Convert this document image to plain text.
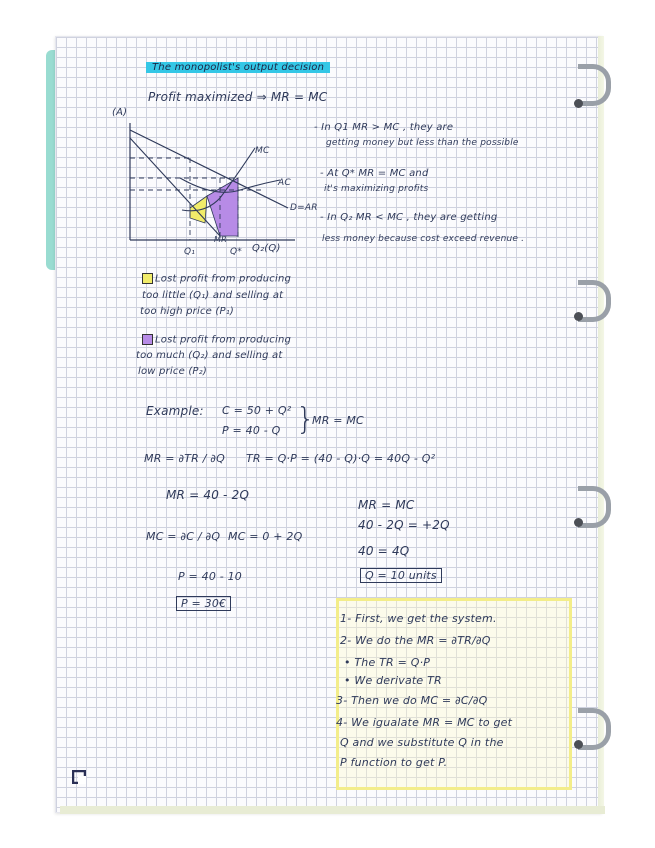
The monopolist's output decision
(A)
Profit maximized ⇒ MR = MC
MC
AC
D=AR
MR
Q₁	Q* Q₂(Q)
- In Q1 MR > MC , they are
getting money but less than the possible
- At Q* MR = MC and
it's maximizing profits
- In Q₂ MR < MC , they are getting
less money because cost exceed revenue .
Lost profit from producing
too little (Q₁) and selling at
too high price (P₁)
Lost profit from producing
too much (Q₂) and selling at
low price (P₂)
Example: C = 50 + Q²
P = 40 - Q }
MR = MC
MR = ∂TR / ∂Q TR = Q·P = (40 - Q)·Q = 40Q - Q²
MR = 40 - 2Q
MC = ∂C / ∂Q MC = 0 + 2Q
P = 40 - 10
P = 30€
MR = MC
40 - 2Q = +2Q
40 = 4Q
Q = 10 units
1- First, we get the system.
2- We do the MR = ∂TR/∂Q
• The TR = Q·P
• We derivate TR
3- Then we do MC = ∂C/∂Q
4- We igualate MR = MC to get
Q and we substitute Q in the
P function to get P.
